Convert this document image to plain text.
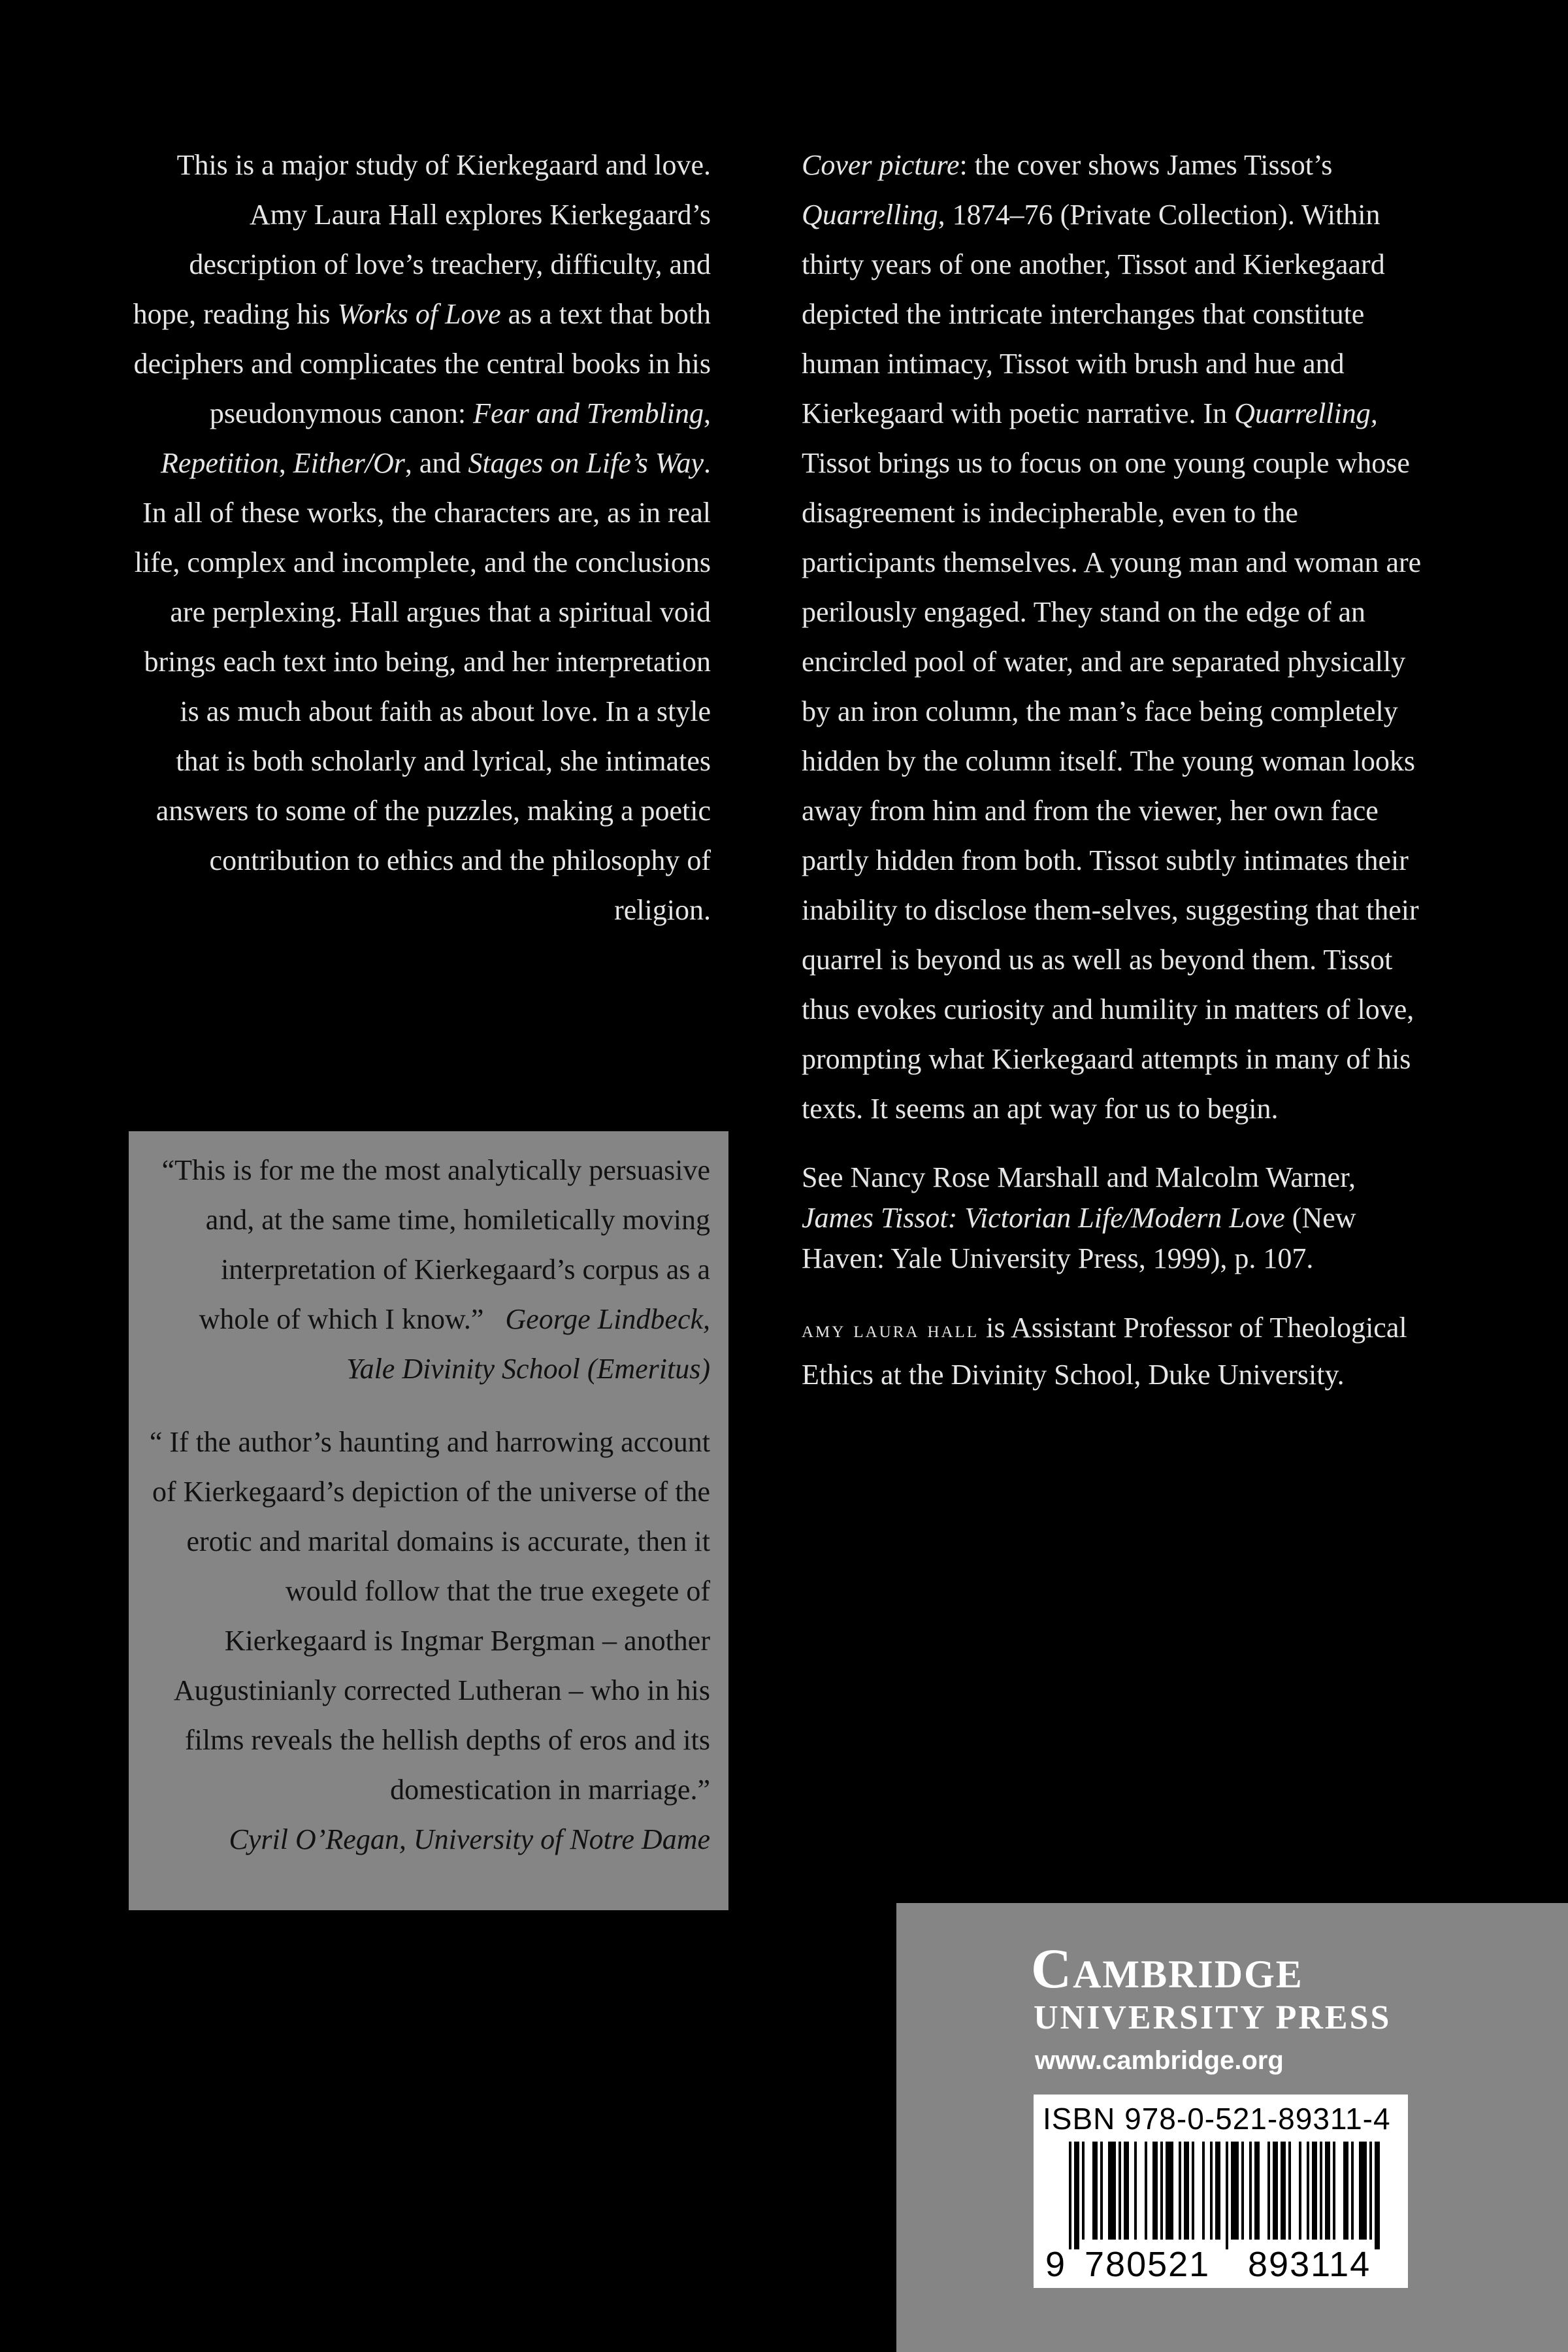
This is a major study of Kierkegaard and love. Amy Laura Hall explores Kierkegaard’s description of love’s treachery, difficulty, and hope, reading his Works of Love as a text that both deciphers and complicates the central books in his pseudonymous canon: Fear and Trembling, Repetition, Either/Or, and Stages on Life’s Way. In all of these works, the characters are, as in real life, complex and incomplete, and the conclusions are perplexing. Hall argues that a spiritual void brings each text into being, and her interpretation is as much about faith as about love. In a style that is both scholarly and lyrical, she intimates answers to some of the puzzles, making a poetic contribution to ethics and the philosophy of religion.

“This is for me the most analytically persuasive and, at the same time, homiletically moving interpretation of Kierkegaard’s corpus as a whole of which I know.” George Lindbeck, Yale Divinity School (Emeritus)

“ If the author’s haunting and harrowing account of Kierkegaard’s depiction of the universe of the erotic and marital domains is accurate, then it would follow that the true exegete of Kierkegaard is Ingmar Bergman – another Augustinianly corrected Lutheran – who in his films reveals the hellish depths of eros and its domestication in marriage.”
Cyril O’Regan, University of Notre Dame

Cover picture: the cover shows James Tissot’s Quarrelling, 1874–76 (Private Collection). Within thirty years of one another, Tissot and Kierkegaard depicted the intricate interchanges that constitute human intimacy, Tissot with brush and hue and Kierkegaard with poetic narrative. In Quarrelling, Tissot brings us to focus on one young couple whose disagreement is indecipherable, even to the participants themselves. A young man and woman are perilously engaged. They stand on the edge of an encircled pool of water, and are separated physically by an iron column, the man’s face being completely hidden by the column itself. The young woman looks away from him and from the viewer, her own face partly hidden from both. Tissot subtly intimates their inability to disclose them-selves, suggesting that their quarrel is beyond us as well as beyond them. Tissot thus evokes curiosity and humility in matters of love, prompting what Kierkegaard attempts in many of his texts. It seems an apt way for us to begin.

See Nancy Rose Marshall and Malcolm Warner, James Tissot: Victorian Life/Modern Love (New Haven: Yale University Press, 1999), p. 107.

amy laura hall is Assistant Professor of Theological Ethics at the Divinity School, Duke University.

Cambridge
UNIVERSITY PRESS
www.cambridge.org
ISBN 978-0-521-89311-4
9 780521 893114
